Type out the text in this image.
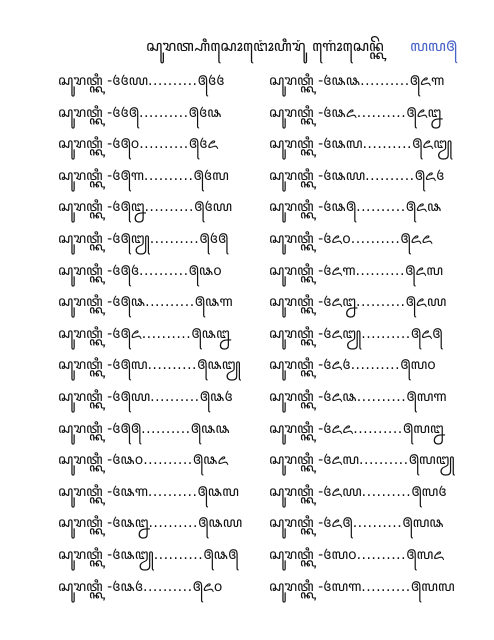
ꦱꦸꦫꦠ꧀ꦲꦶꦱꦺꦴꦔꦺꦴꦁꦲꦶꦫꦸꦁ ꦒꦺꦴꦁꦱꦺꦤ꧀ꦏꦼ ꧗꧗꧕
ꦱꦸꦫꦠ꧀ꦏꦶ -꧔꧔꧙..........꧕꧔꧔
ꦱꦸꦫꦠ꧀ꦏꦶ -꧔꧔꧕..........꧕꧔꧘
ꦱꦸꦫꦠ꧀ꦏꦶ -꧔꧕꧐..........꧕꧔꧖
ꦱꦸꦫꦠ꧀ꦏꦶ -꧔꧕꧑..........꧕꧔꧗
ꦱꦸꦫꦠ꧀ꦏꦶ -꧔꧕꧒..........꧕꧔꧙
ꦱꦸꦫꦠ꧀ꦏꦶ -꧔꧕꧓..........꧕꧔꧕
ꦱꦸꦫꦠ꧀ꦏꦶ -꧔꧕꧔..........꧕꧘꧐
ꦱꦸꦫꦠ꧀ꦏꦶ -꧔꧕꧘..........꧕꧘꧑
ꦱꦸꦫꦠ꧀ꦏꦶ -꧔꧕꧖..........꧕꧘꧒
ꦱꦸꦫꦠ꧀ꦏꦶ -꧔꧕꧗..........꧕꧘꧓
ꦱꦸꦫꦠ꧀ꦏꦶ -꧔꧕꧙..........꧕꧘꧔
ꦱꦸꦫꦠ꧀ꦏꦶ -꧔꧕꧕..........꧕꧘꧘
ꦱꦸꦫꦠ꧀ꦏꦶ -꧔꧘꧐..........꧕꧘꧖
ꦱꦸꦫꦠ꧀ꦏꦶ -꧔꧘꧑..........꧕꧘꧗
ꦱꦸꦫꦠ꧀ꦏꦶ -꧔꧘꧒..........꧕꧘꧙
ꦱꦸꦫꦠ꧀ꦏꦶ -꧔꧘꧓..........꧕꧘꧕
ꦱꦸꦫꦠ꧀ꦏꦶ -꧔꧘꧔..........꧕꧖꧐
ꦱꦸꦫꦠ꧀ꦏꦶ -꧔꧘꧘..........꧕꧖꧑
ꦱꦸꦫꦠ꧀ꦏꦶ -꧔꧘꧖..........꧕꧖꧒
ꦱꦸꦫꦠ꧀ꦏꦶ -꧔꧘꧗..........꧕꧖꧓
ꦱꦸꦫꦠ꧀ꦏꦶ -꧔꧘꧙..........꧕꧖꧔
ꦱꦸꦫꦠ꧀ꦏꦶ -꧔꧘꧕..........꧕꧖꧘
ꦱꦸꦫꦠ꧀ꦏꦶ -꧔꧖꧐..........꧕꧖꧖
ꦱꦸꦫꦠ꧀ꦏꦶ -꧔꧖꧑..........꧕꧖꧗
ꦱꦸꦫꦠ꧀ꦏꦶ -꧔꧖꧒..........꧕꧖꧙
ꦱꦸꦫꦠ꧀ꦏꦶ -꧔꧖꧓..........꧕꧖꧕
ꦱꦸꦫꦠ꧀ꦏꦶ -꧔꧖꧔..........꧕꧗꧐
ꦱꦸꦫꦠ꧀ꦏꦶ -꧔꧖꧘..........꧕꧗꧑
ꦱꦸꦫꦠ꧀ꦏꦶ -꧔꧖꧖..........꧕꧗꧒
ꦱꦸꦫꦠ꧀ꦏꦶ -꧔꧖꧗..........꧕꧗꧓
ꦱꦸꦫꦠ꧀ꦏꦶ -꧔꧖꧙..........꧕꧗꧔
ꦱꦸꦫꦠ꧀ꦏꦶ -꧔꧖꧕..........꧕꧗꧘
ꦱꦸꦫꦠ꧀ꦏꦶ -꧔꧗꧐..........꧕꧗꧖
ꦱꦸꦫꦠ꧀ꦏꦶ -꧔꧗꧑..........꧕꧗꧗
